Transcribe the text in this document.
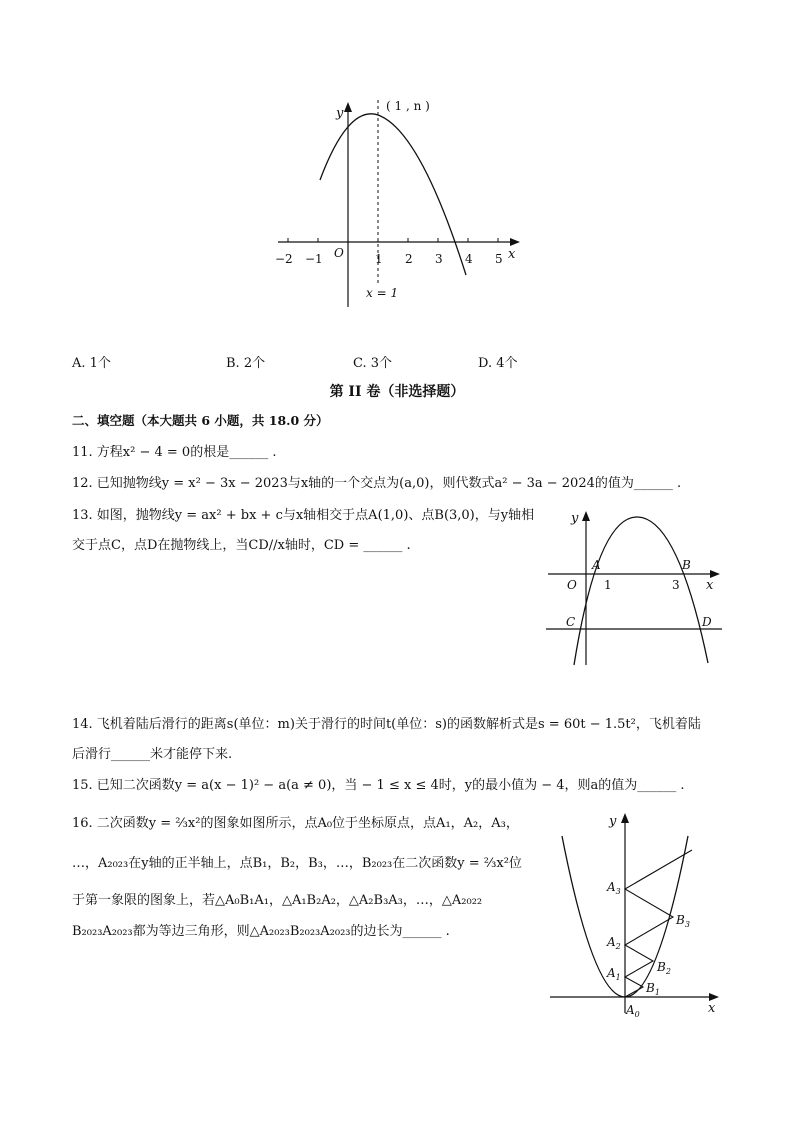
( 1 , n )
y
x
O
−2 −1	1 2 3 4 5
x = 1
A. 1个	B. 2个	C. 3个	D. 4个
第 II 卷（非选择题）
二、填空题（本大题共 6 小题，共 18.0 分）
11. 方程x² − 4 = 0的根是______ .
12. 已知抛物线y = x² − 3x − 2023与x轴的一个交点为(a,0)，则代数式a² − 3a − 2024的值为______ .
13. 如图，抛物线y = ax² + bx + c与x轴相交于点A(1,0)、点B(3,0)，与y轴相
交于点C，点D在抛物线上，当CD//x轴时，CD = ______ .
y
x
O
A	B
1	3
C	D
14. 飞机着陆后滑行的距离s(单位：m)关于滑行的时间t(单位：s)的函数解析式是s = 60t − 1.5t²，飞机着陆
后滑行______米才能停下来.
15. 已知二次函数y = a(x − 1)² − a(a ≠ 0)，当 − 1 ≤ x ≤ 4时，y的最小值为 − 4，则a的值为______ .
16. 二次函数y = ⅔x²的图象如图所示，点A₀位于坐标原点，点A₁，A₂，A₃，
…，A₂₀₂₃在y轴的正半轴上，点B₁，B₂，B₃，…，B₂₀₂₃在二次函数y = ⅔x²位
于第一象限的图象上，若△A₀B₁A₁，△A₁B₂A₂，△A₂B₃A₃，…，△A₂₀₂₂
B₂₀₂₃A₂₀₂₃都为等边三角形，则△A₂₀₂₃B₂₀₂₃A₂₀₂₃的边长为______ .
y
x
$A_0$
$A_1$
$A_2$
$A_3$
$B_1$
$B_2$
$B_3$
